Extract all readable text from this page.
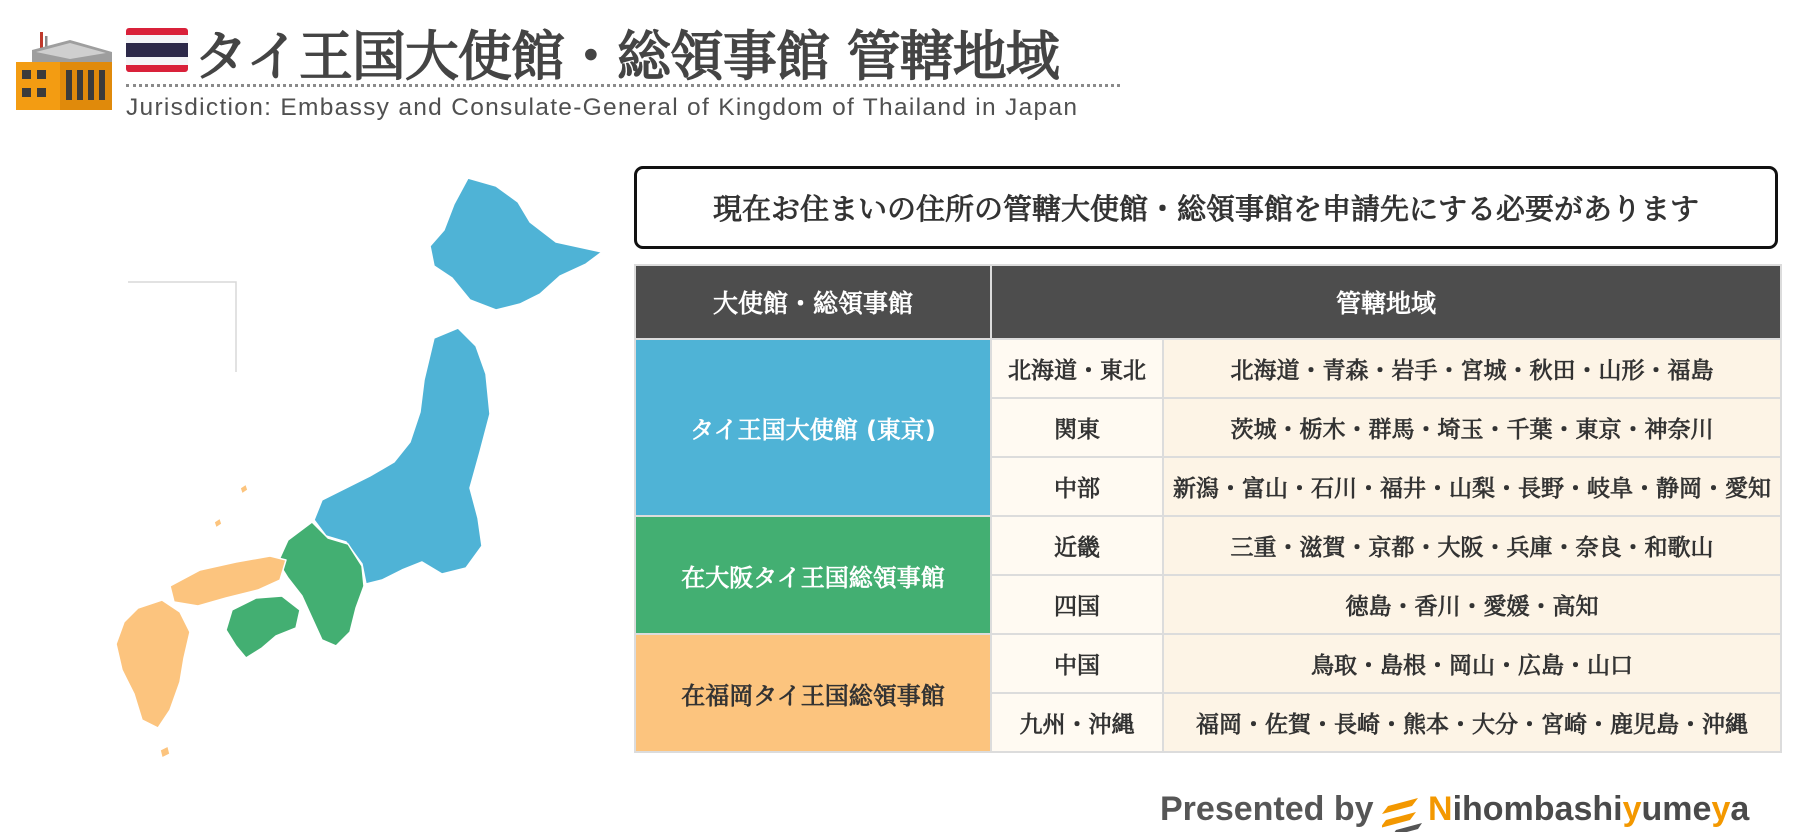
タイ王国大使館・総領事館 管轄地域

Jurisdiction: Embassy and Consulate-General of Kingdom of Thailand in Japan

現在お住まいの住所の管轄大使館・総領事館を申請先にする必要があります
大使館・総領事館	管轄地域	
タイ王国大使館 (東京)	北海道・東北	北海道・青森・岩手・宮城・秋田・山形・福島
	関東	茨城・栃木・群馬・埼玉・千葉・東京・神奈川
	中部	新潟・富山・石川・福井・山梨・長野・岐阜・静岡・愛知
在大阪タイ王国総領事館	近畿	三重・滋賀・京都・大阪・兵庫・奈良・和歌山
	四国	徳島・香川・愛媛・高知
在福岡タイ王国総領事館	中国	鳥取・島根・岡山・広島・山口
	九州・沖縄	福岡・佐賀・長崎・熊本・大分・宮崎・鹿児島・沖縄

Presented by Nihombashiyumeya
